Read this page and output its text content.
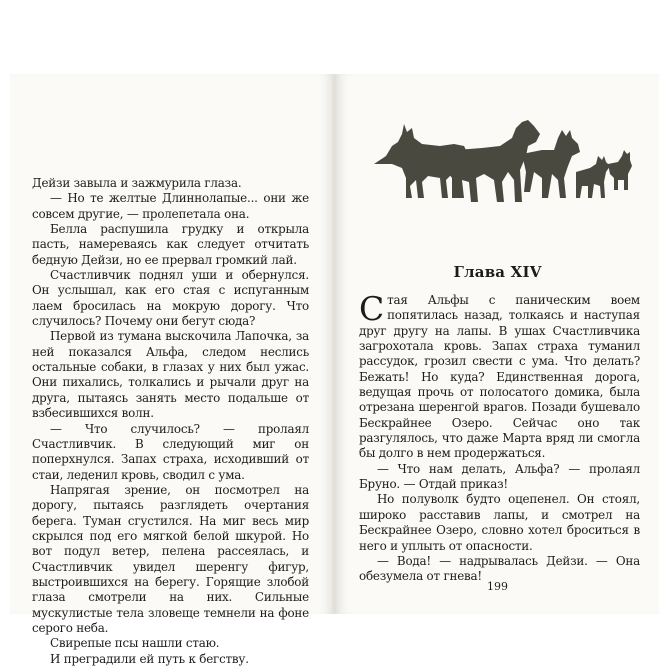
Дейзи завыла и зажмурила глаза.

— Но те желтые Длиннолапые... они же совсем другие, — пролепетала она.

Белла распушила грудку и открыла пасть, намереваясь как следует отчитать бедную Дейзи, но ее прервал громкий лай.

Счастливчик поднял уши и обернулся. Он услышал, как его стая с испуганным лаем бросилась на мокрую дорогу. Что случилось? Почему они бегут сюда?

Первой из тумана выскочила Лапочка, за ней показался Альфа, следом неслись остальные собаки, в глазах у них был ужас. Они пихались, толкались и рычали друг на друга, пытаясь занять место подальше от взбесившихся волн.

— Что случилось? — пролаял Счастливчик. В следующий миг он поперхнулся. Запах страха, исходивший от стаи, леденил кровь, сводил с ума.

Напрягая зрение, он посмотрел на дорогу, пытаясь разглядеть очертания берега. Туман сгустился. На миг весь мир скрылся под его мягкой белой шкурой. Но вот подул ветер, пелена рассеялась, и Счастливчик увидел шеренгу фигур, выстроившихся на берегу. Горящие злобой глаза смотрели на них. Сильные мускулистые тела зловеще темнели на фоне серого неба.

Свирепые псы нашли стаю.

И преградили ей путь к бегству.

Глава XIV

Стая Альфы с паническим воем попятилась назад, толкаясь и наступая друг другу на лапы. В ушах Счастливчика загрохотала кровь. Запах страха туманил рассудок, грозил свести с ума. Что делать? Бежать! Но куда? Единственная дорога, ведущая прочь от полосатого домика, была отрезана шеренгой врагов. Позади бушевало Бескрайнее Озеро. Сейчас оно так разгулялось, что даже Марта вряд ли смогла бы долго в нем продержаться.

— Что нам делать, Альфа? — пролаял Бруно. — Отдай приказ!

Но полуволк будто оцепенел. Он стоял, широко расставив лапы, и смотрел на Бескрайнее Озеро, словно хотел броситься в него и уплыть от опасности.

— Вода! — надрывалась Дейзи. — Она обезумела от гнева!

199
